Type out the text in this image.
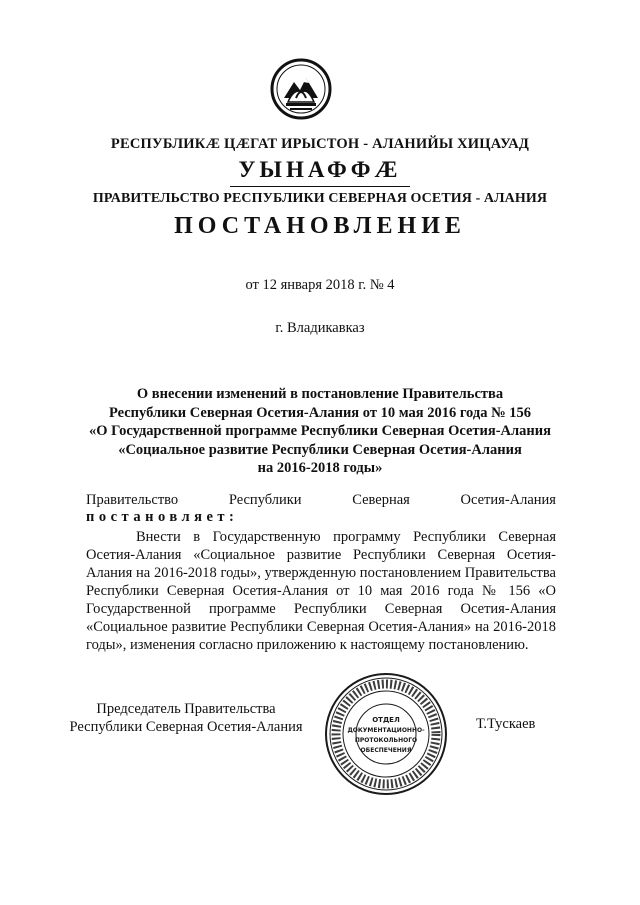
РЕСПУБЛИКӔ ЦӔГАТ ИРЫСТОН - АЛАНИЙЫ ХИЦАУАД
УЫНАФФӔ
ПРАВИТЕЛЬСТВО РЕСПУБЛИКИ СЕВЕРНАЯ ОСЕТИЯ - АЛАНИЯ
ПОСТАНОВЛЕНИЕ
от 12 января 2018 г. № 4
г. Владикавказ
О внесении изменений в постановление Правительства
Республики Северная Осетия-Алания от 10 мая 2016 года № 156
«О Государственной программе Республики Северная Осетия-Алания
«Социальное развитие Республики Северная Осетия-Алания
на 2016-2018 годы»
Правительство	Республики	Северная	Осетия-Алания
постановляет:
Внести в Государственную программу Республики Северная Осетия-Алания «Социальное развитие Республики Северная Осетия-Алания на 2016-2018 годы», утвержденную постановлением Правительства Республики Северная Осетия-Алания от 10 мая 2016 года № 156 «О Государственной программе Республики Северная Осетия-Алания «Социальное развитие Республики Северная Осетия-Алания» на 2016-2018 годы», изменения согласно приложению к настоящему постановлению.
Председатель Правительства
Республики Северная Осетия-Алания	ОТДЕЛ
ДОКУМЕНТАЦИОННО-
ПРОТОКОЛЬНОГО
ОБЕСПЕЧЕНИЯ
Т.Тускаев
